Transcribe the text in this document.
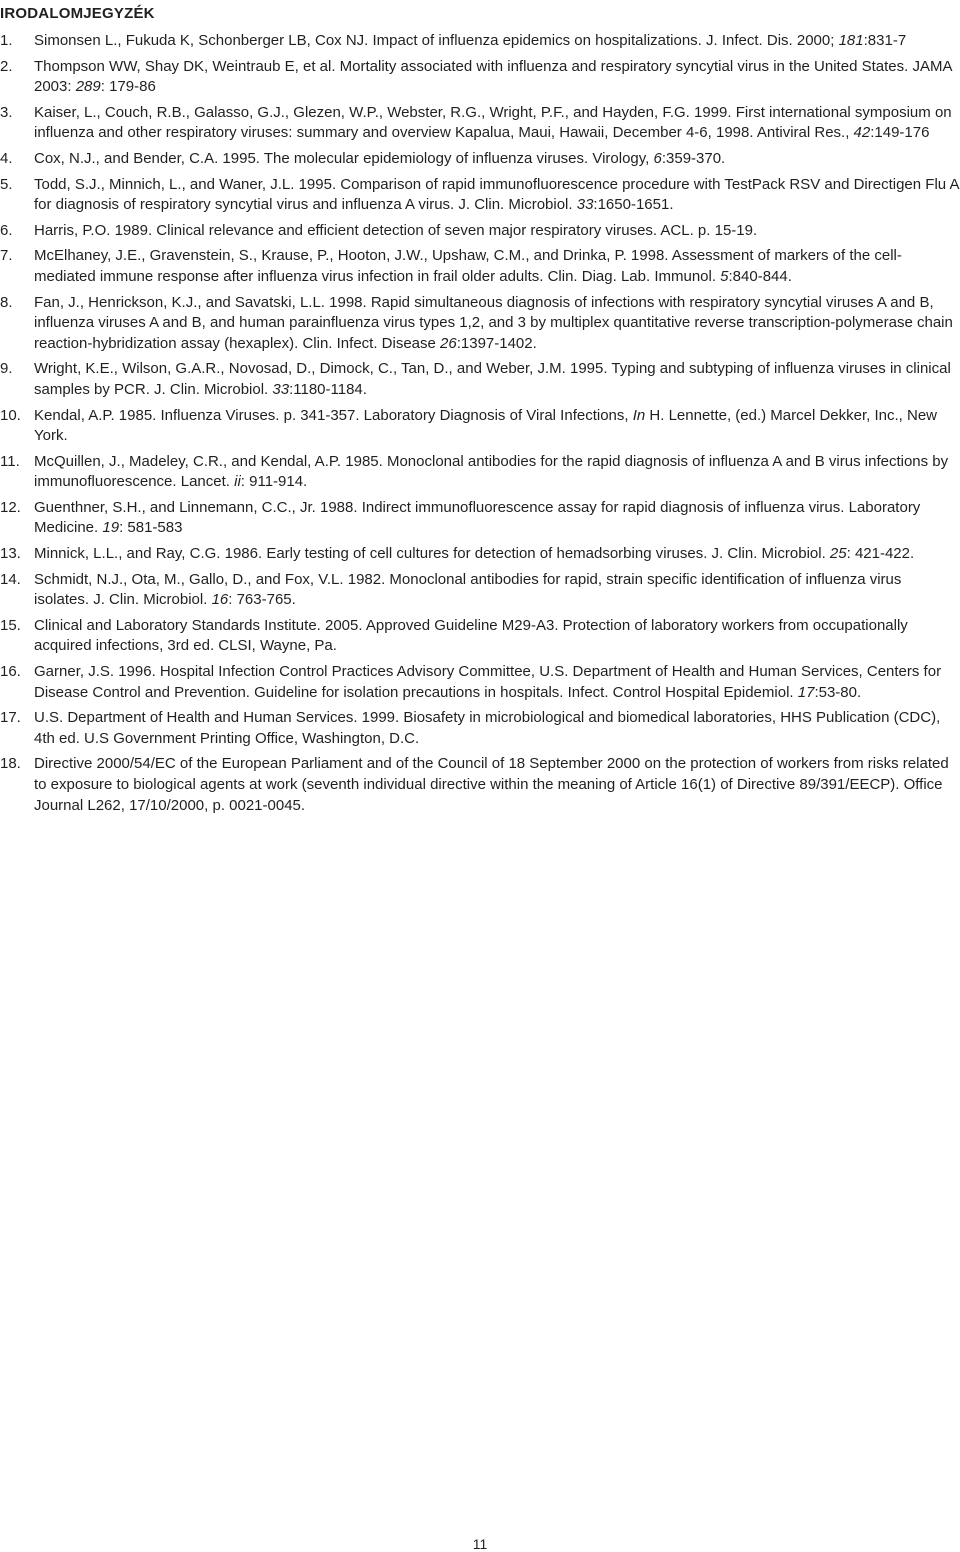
IRODALOMJEGYZÉK
1. Simonsen L., Fukuda K, Schonberger LB, Cox NJ. Impact of influenza epidemics on hospitalizations. J. Infect. Dis. 2000; 181:831-7
2. Thompson WW, Shay DK, Weintraub E, et al. Mortality associated with influenza and respiratory syncytial virus in the United States. JAMA 2003: 289: 179-86
3. Kaiser, L., Couch, R.B., Galasso, G.J., Glezen, W.P., Webster, R.G., Wright, P.F., and Hayden, F.G. 1999. First international symposium on influenza and other respiratory viruses: summary and overview Kapalua, Maui, Hawaii, December 4-6, 1998. Antiviral Res., 42:149-176
4. Cox, N.J., and Bender, C.A. 1995. The molecular epidemiology of influenza viruses. Virology, 6:359-370.
5. Todd, S.J., Minnich, L., and Waner, J.L. 1995. Comparison of rapid immunofluorescence procedure with TestPack RSV and Directigen Flu A for diagnosis of respiratory syncytial virus and influenza A virus. J. Clin. Microbiol. 33:1650-1651.
6. Harris, P.O. 1989. Clinical relevance and efficient detection of seven major respiratory viruses. ACL. p. 15-19.
7. McElhaney, J.E., Gravenstein, S., Krause, P., Hooton, J.W., Upshaw, C.M., and Drinka, P. 1998. Assessment of markers of the cell-mediated immune response after influenza virus infection in frail older adults. Clin. Diag. Lab. Immunol. 5:840-844.
8. Fan, J., Henrickson, K.J., and Savatski, L.L. 1998. Rapid simultaneous diagnosis of infections with respiratory syncytial viruses A and B, influenza viruses A and B, and human parainfluenza virus types 1,2, and 3 by multiplex quantitative reverse transcription-polymerase chain reaction-hybridization assay (hexaplex). Clin. Infect. Disease 26:1397-1402.
9. Wright, K.E., Wilson, G.A.R., Novosad, D., Dimock, C., Tan, D., and Weber, J.M. 1995. Typing and subtyping of influenza viruses in clinical samples by PCR. J. Clin. Microbiol. 33:1180-1184.
10. Kendal, A.P. 1985. Influenza Viruses. p. 341-357. Laboratory Diagnosis of Viral Infections, In H. Lennette, (ed.) Marcel Dekker, Inc., New York.
11. McQuillen, J., Madeley, C.R., and Kendal, A.P. 1985. Monoclonal antibodies for the rapid diagnosis of influenza A and B virus infections by immunofluorescence. Lancet. ii: 911-914.
12. Guenthner, S.H., and Linnemann, C.C., Jr. 1988. Indirect immunofluorescence assay for rapid diagnosis of influenza virus. Laboratory Medicine. 19: 581-583
13. Minnick, L.L., and Ray, C.G. 1986. Early testing of cell cultures for detection of hemadsorbing viruses. J. Clin. Microbiol. 25: 421-422.
14. Schmidt, N.J., Ota, M., Gallo, D., and Fox, V.L. 1982. Monoclonal antibodies for rapid, strain specific identification of influenza virus isolates. J. Clin. Microbiol. 16: 763-765.
15. Clinical and Laboratory Standards Institute. 2005. Approved Guideline M29-A3. Protection of laboratory workers from occupationally acquired infections, 3rd ed. CLSI, Wayne, Pa.
16. Garner, J.S. 1996. Hospital Infection Control Practices Advisory Committee, U.S. Department of Health and Human Services, Centers for Disease Control and Prevention. Guideline for isolation precautions in hospitals. Infect. Control Hospital Epidemiol. 17:53-80.
17. U.S. Department of Health and Human Services. 1999. Biosafety in microbiological and biomedical laboratories, HHS Publication (CDC), 4th ed. U.S Government Printing Office, Washington, D.C.
18. Directive 2000/54/EC of the European Parliament and of the Council of 18 September 2000 on the protection of workers from risks related to exposure to biological agents at work (seventh individual directive within the meaning of Article 16(1) of Directive 89/391/EECP). Office Journal L262, 17/10/2000, p. 0021-0045.
11
